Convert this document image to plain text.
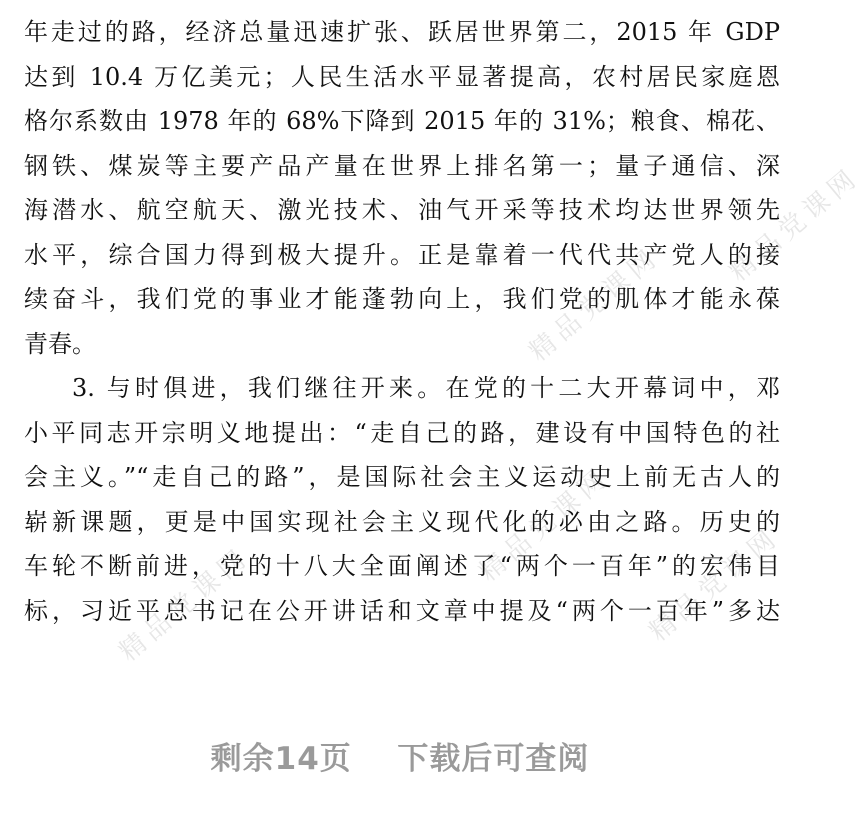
精品党课网
精品党课网
精品党课网
精品党课网	精品党课网
年走过的路，经济总量迅速扩张、跃居世界第二，2015 年 GDP
达到 10.4 万亿美元；人民生活水平显著提高，农村居民家庭恩
格尔系数由 1978 年的 68%下降到 2015 年的 31%；粮食、棉花、
钢铁、煤炭等主要产品产量在世界上排名第一；量子通信、深
海潜水、航空航天、激光技术、油气开采等技术均达世界领先
水平，综合国力得到极大提升。正是靠着一代代共产党人的接
续奋斗，我们党的事业才能蓬勃向上，我们党的肌体才能永葆
青春。
3. 与时俱进，我们继往开来。在党的十二大开幕词中，邓
小平同志开宗明义地提出：“走自己的路，建设有中国特色的社
会主义。”“走自己的路”，是国际社会主义运动史上前无古人的
崭新课题，更是中国实现社会主义现代化的必由之路。历史的
车轮不断前进，党的十八大全面阐述了“两个一百年”的宏伟目
标，习近平总书记在公开讲话和文章中提及“两个一百年”多达
剩余14页 下载后可查阅
